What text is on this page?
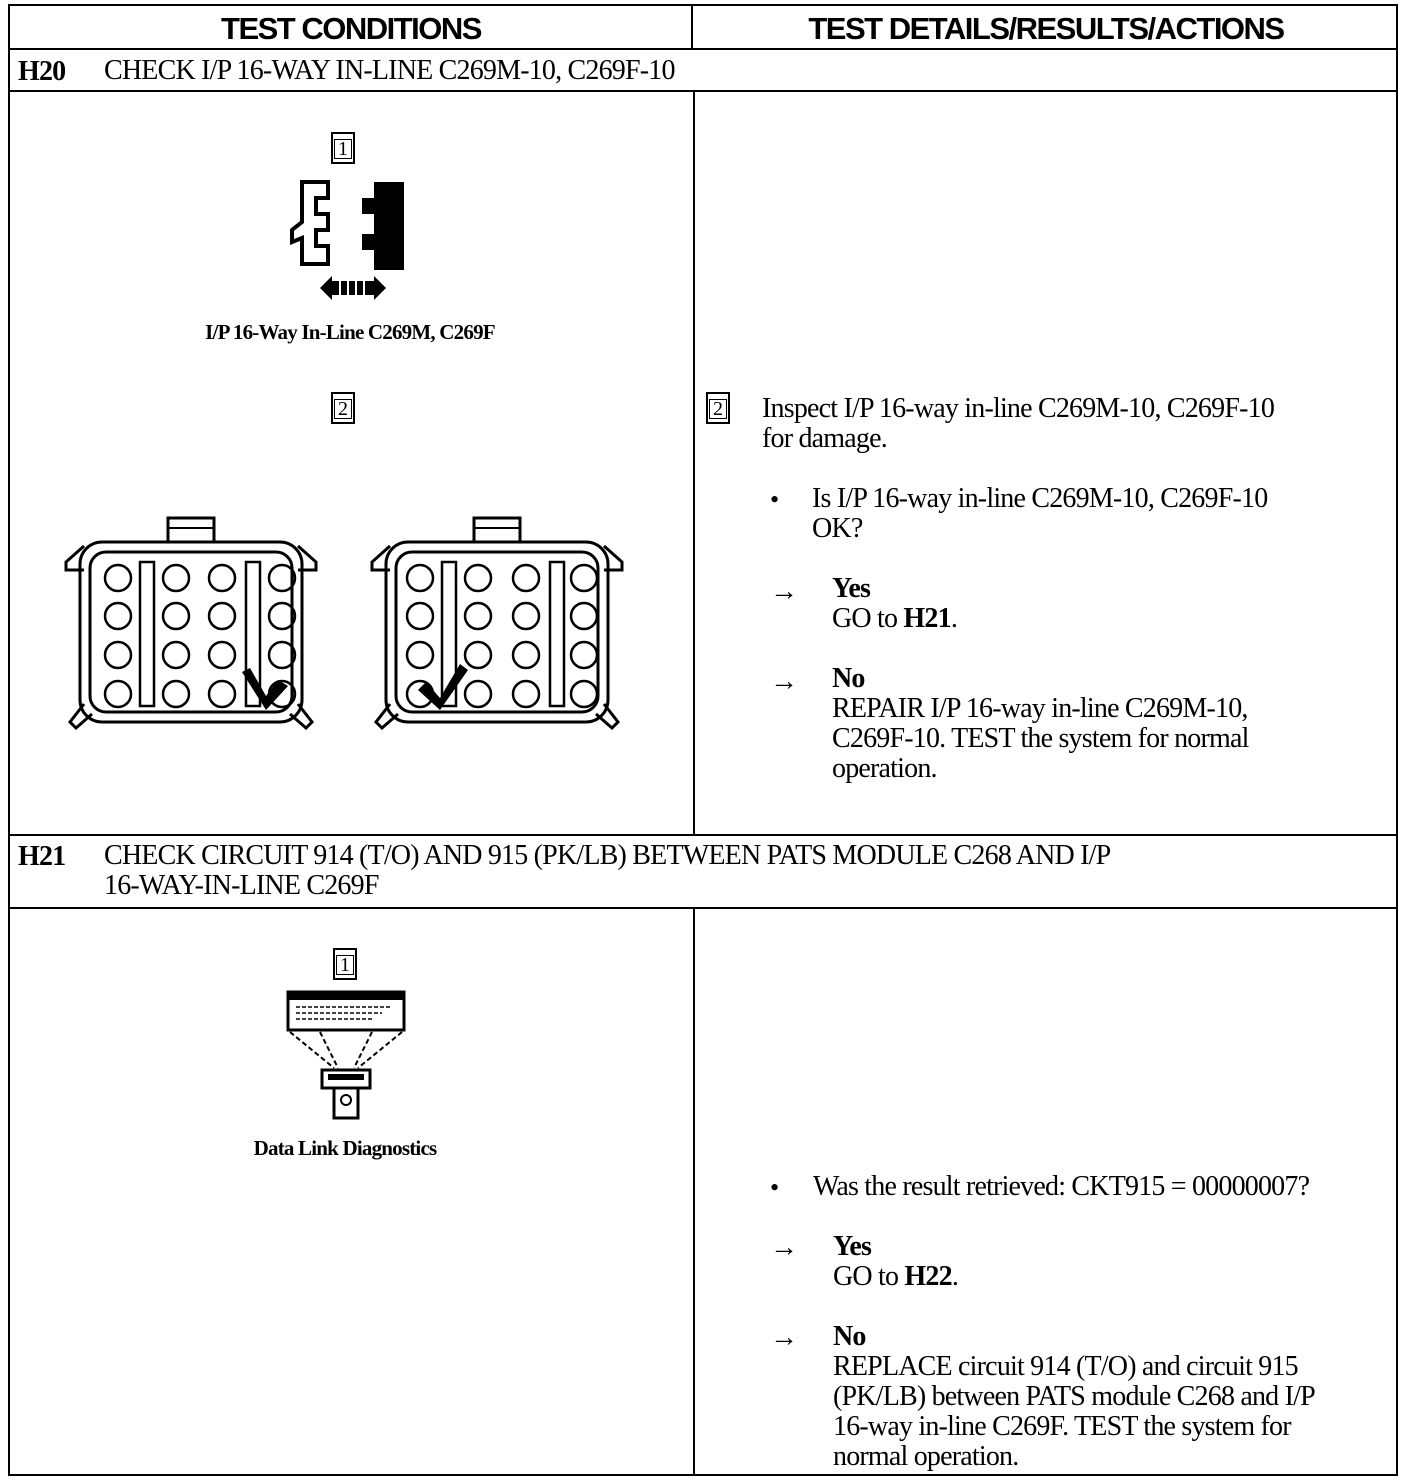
TEST CONDITIONS	TEST DETAILS/RESULTS/ACTIONS
H20 CHECK I/P 16-WAY IN-LINE C269M-10, C269F-10
1
I/P 16-Way In-Line C269M, C269F
2	2 Inspect I/P 16-way in-line C269M-10, C269F-10
for damage.
• Is I/P 16-way in-line C269M-10, C269F-10
OK?
→ Yes
GO to H21.
→ No
REPAIR I/P 16-way in-line C269M-10,
C269F-10. TEST the system for normal
operation.
H21 CHECK CIRCUIT 914 (T/O) AND 915 (PK/LB) BETWEEN PATS MODULE C268 AND I/P
16-WAY-IN-LINE C269F
1
Data Link Diagnostics
• Was the result retrieved: CKT915 = 00000007?
→ Yes
GO to H22.
→ No
REPLACE circuit 914 (T/O) and circuit 915
(PK/LB) between PATS module C268 and I/P
16-way in-line C269F. TEST the system for
normal operation.
